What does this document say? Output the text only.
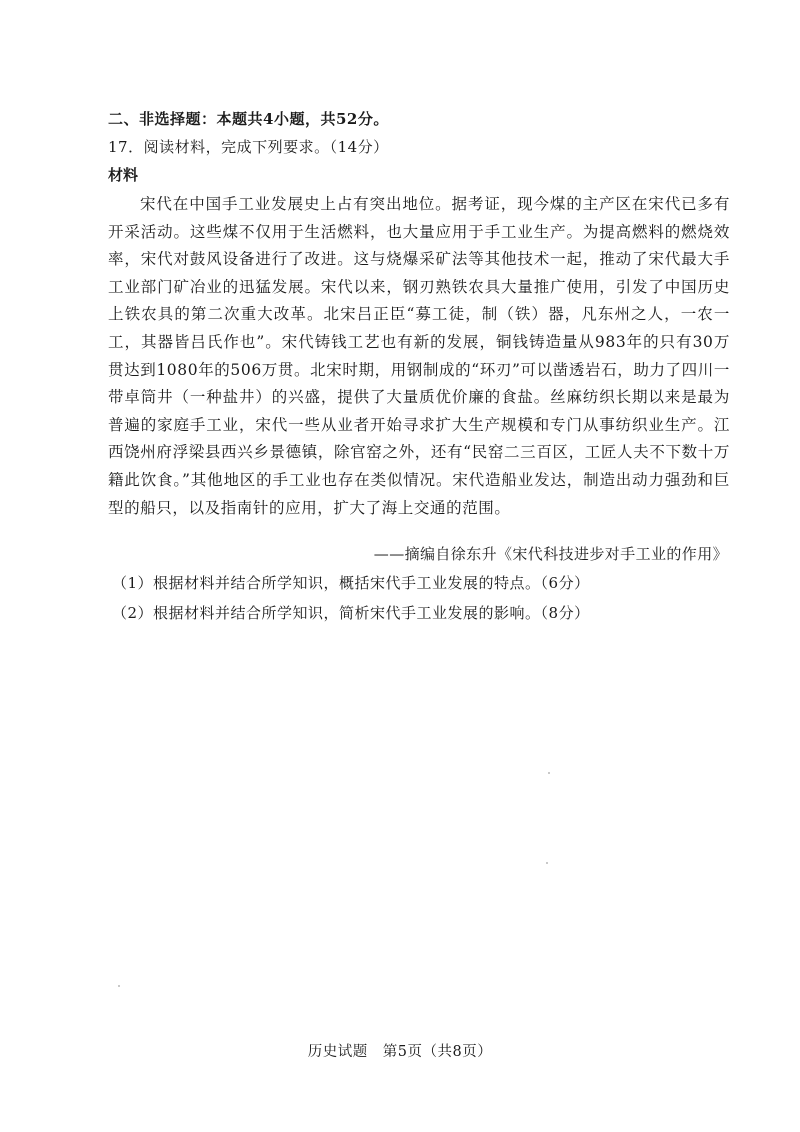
二、非选择题：本题共4小题，共52分。
17．阅读材料，完成下列要求。（14分）
材料

宋代在中国手工业发展史上占有突出地位。据考证，现今煤的主产区在宋代已多有开采活动。这些煤不仅用于生活燃料，也大量应用于手工业生产。为提高燃料的燃烧效率，宋代对鼓风设备进行了改进。这与烧爆采矿法等其他技术一起，推动了宋代最大手工业部门矿冶业的迅猛发展。宋代以来，钢刃熟铁农具大量推广使用，引发了中国历史上铁农具的第二次重大改革。北宋吕正臣“募工徒，制（铁）器，凡东州之人，一农一工，其器皆吕氏作也”。宋代铸钱工艺也有新的发展，铜钱铸造量从983年的只有30万贯达到1080年的506万贯。北宋时期，用钢制成的“环刃”可以凿透岩石，助力了四川一带卓筒井（一种盐井）的兴盛，提供了大量质优价廉的食盐。丝麻纺织长期以来是最为普遍的家庭手工业，宋代一些从业者开始寻求扩大生产规模和专门从事纺织业生产。江西饶州府浮梁县西兴乡景德镇，除官窑之外，还有“民窑二三百区，工匠人夫不下数十万籍此饮食。”其他地区的手工业也存在类似情况。宋代造船业发达，制造出动力强劲和巨型的船只，以及指南针的应用，扩大了海上交通的范围。

——摘编自徐东升《宋代科技进步对手工业的作用》
（1）根据材料并结合所学知识，概括宋代手工业发展的特点。（6分）
（2）根据材料并结合所学知识，简析宋代手工业发展的影响。（8分）
历史试题　第5页（共8页）
